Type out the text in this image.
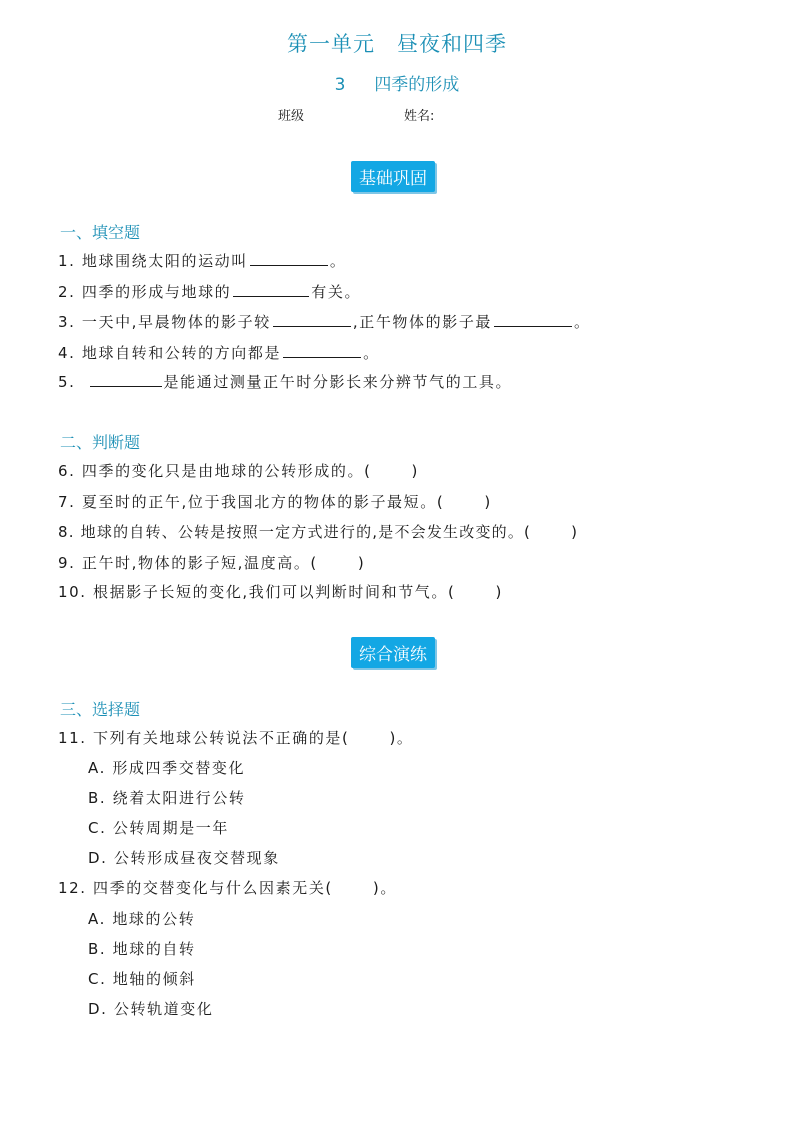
第一单元　昼夜和四季
3 四季的形成
班级	姓名:
基础巩固
一、填空题
1. 地球围绕太阳的运动叫	。
2. 四季的形成与地球的	有关。
3. 一天中,早晨物体的影子较	,正午物体的影子最	。
4. 地球自转和公转的方向都是	。
5.	是能通过测量正午时分影长来分辨节气的工具。
二、判断题
6. 四季的变化只是由地球的公转形成的。(	)
7. 夏至时的正午,位于我国北方的物体的影子最短。(	)
8. 地球的自转、公转是按照一定方式进行的,是不会发生改变的。(	)
9. 正午时,物体的影子短,温度高。(	)
10. 根据影子长短的变化,我们可以判断时间和节气。(	)
综合演练
三、选择题
11. 下列有关地球公转说法不正确的是(	)。
A. 形成四季交替变化
B. 绕着太阳进行公转
C. 公转周期是一年
D. 公转形成昼夜交替现象
12. 四季的交替变化与什么因素无关(	)。
A. 地球的公转
B. 地球的自转
C. 地轴的倾斜
D. 公转轨道变化
